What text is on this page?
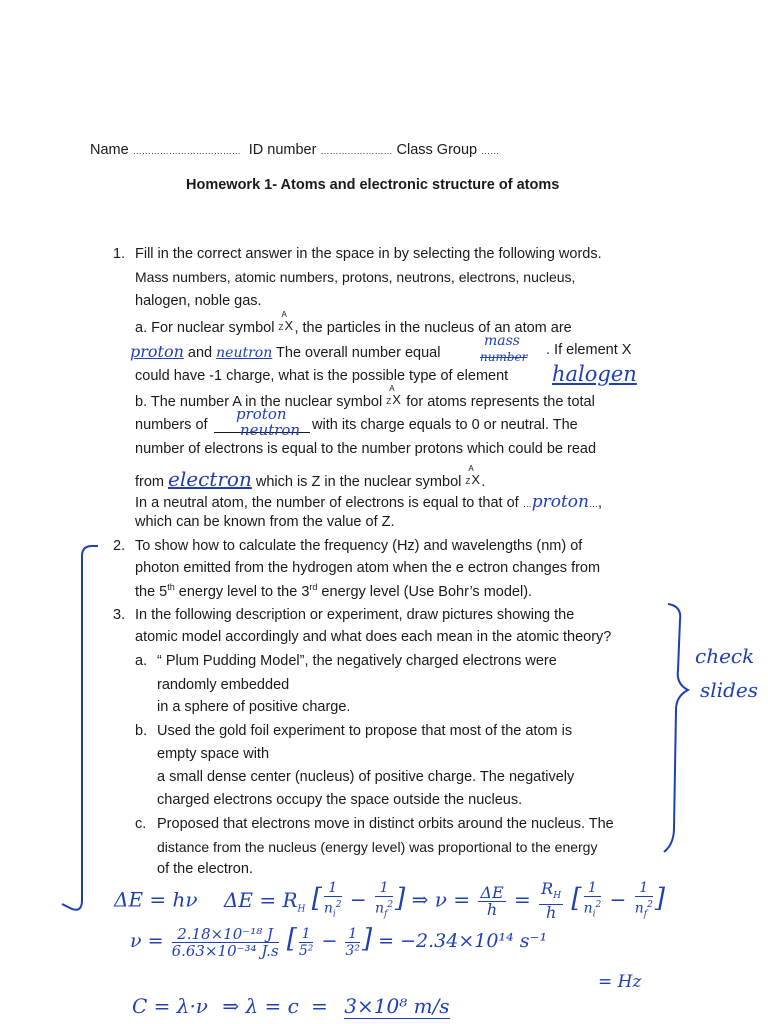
Name ……………………………… ID number …………………… Class Group ……
Homework 1- Atoms and electronic structure of atoms
1. Fill in the correct answer in the space in by selecting the following words.
Mass numbers, atomic numbers, protons, neutrons, electrons, nucleus,
halogen, noble gas.
a. For nuclear symbol
A
Z X , the particles in the nucleus of an atom are
proton and neutron The overall number equal
mass
number . If element X
could have -1 charge, what is the possible type of element halogen
b. The number A in the nuclear symbol
A
Z X for atoms represents the total
numbers of
proton
neutron with its charge equals to 0 or neutral. The
number of electrons is equal to the number protons which could be read
from electron which is Z in the nuclear symbol
A
Z X .
In a neutral atom, the number of electrons is equal to that of …proton…,
which can be known from the value of Z.
2. To show how to calculate the frequency (Hz) and wavelengths (nm) of
photon emitted from the hydrogen atom when the e ectron changes from
the 5th energy level to the 3rd energy level (Use Bohr’s model).
3. In the following description or experiment, draw pictures showing the
atomic model accordingly and what does each mean in the atomic theory?
a. “ Plum Pudding Model”, the negatively charged electrons were
randomly embedded
in a sphere of positive charge.
b. Used the gold foil experiment to propose that most of the atom is
empty space with
a small dense center (nucleus) of positive charge. The negatively
charged electrons occupy the space outside the nucleus.
c. Proposed that electrons move in distinct orbits around the nucleus. The
distance from the nucleus (energy level) was proportional to the energy
of the electron.
check
slides
ΔE = hν $\Delta E = R_H$ [ $\frac{1}{n_i^2} - \frac{1}{n_f^2}$ ] ⇒ $\nu = \frac{\Delta E}{h} = \frac{R_H}{h}$ [ $\frac{1}{n_i^2} - \frac{1}{n_f^2}$ ]
$\nu = \frac{\text{2.18×10⁻¹⁸ J}}{\text{6.63×10⁻³⁴ J.s}}$ [ $\frac{1}{\text{5²}} - \frac{1}{\text{3²}}$ ] = −2.34×10¹⁴ s⁻¹
= Hz
C = λ·ν ⇒ λ = c = 3×10⁸ m/s
